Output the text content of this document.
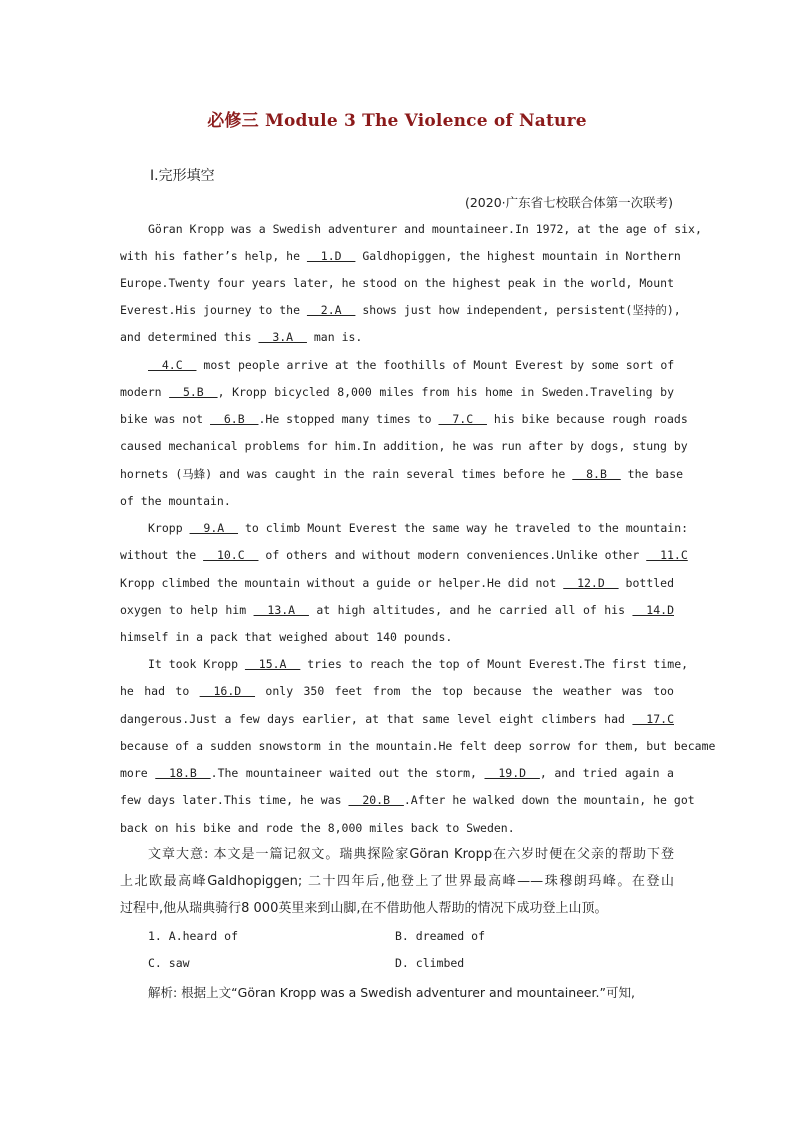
必修三 Module 3 The Violence of Nature
Ⅰ.完形填空
(2020·广东省七校联合体第一次联考)
Göran Kropp was a Swedish adventurer and mountaineer.In 1972, at the age of six,
with his father’s help, he   1.D   Galdhopiggen, the highest mountain in Northern
Europe.Twenty four years later, he stood on the highest peak in the world, Mount
Everest.His journey to the   2.A   shows just how independent, persistent(坚持的),
and determined this   3.A   man is.
4.C   most people arrive at the foothills of Mount Everest by some sort of
modern   5.B  , Kropp bicycled 8,000 miles from his home in Sweden.Traveling by
bike was not   6.B  .He stopped many times to   7.C   his bike because rough roads
caused mechanical problems for him.In addition, he was run after by dogs, stung by
hornets (马蜂) and was caught in the rain several times before he   8.B   the base
of the mountain.
Kropp   9.A   to climb Mount Everest the same way he traveled to the mountain:
without the   10.C   of others and without modern conveniences.Unlike other   11.C
Kropp climbed the mountain without a guide or helper.He did not   12.D   bottled
oxygen to help him   13.A   at high altitudes, and he carried all of his   14.D
himself in a pack that weighed about 140 pounds.
It took Kropp   15.A   tries to reach the top of Mount Everest.The first time,
he had to   16.D   only 350 feet from the top because the weather was too
dangerous.Just a few days earlier, at that same level eight climbers had   17.C
because of a sudden snowstorm in the mountain.He felt deep sorrow for them, but became
more   18.B  .The mountaineer waited out the storm,   19.D  , and tried again a
few days later.This time, he was   20.B  .After he walked down the mountain, he got
back on his bike and rode the 8,000 miles back to Sweden.
文章大意: 本文是一篇记叙文。瑞典探险家Göran Kropp在六岁时便在父亲的帮助下登
上北欧最高峰Galdhopiggen; 二十四年后,他登上了世界最高峰——珠穆朗玛峰。在登山
过程中,他从瑞典骑行8 000英里来到山脚,在不借助他人帮助的情况下成功登上山顶。
1. A.heard of	B. dreamed of
C. saw	D. climbed
解析: 根据上文“Göran Kropp was a Swedish adventurer and mountaineer.”可知,
